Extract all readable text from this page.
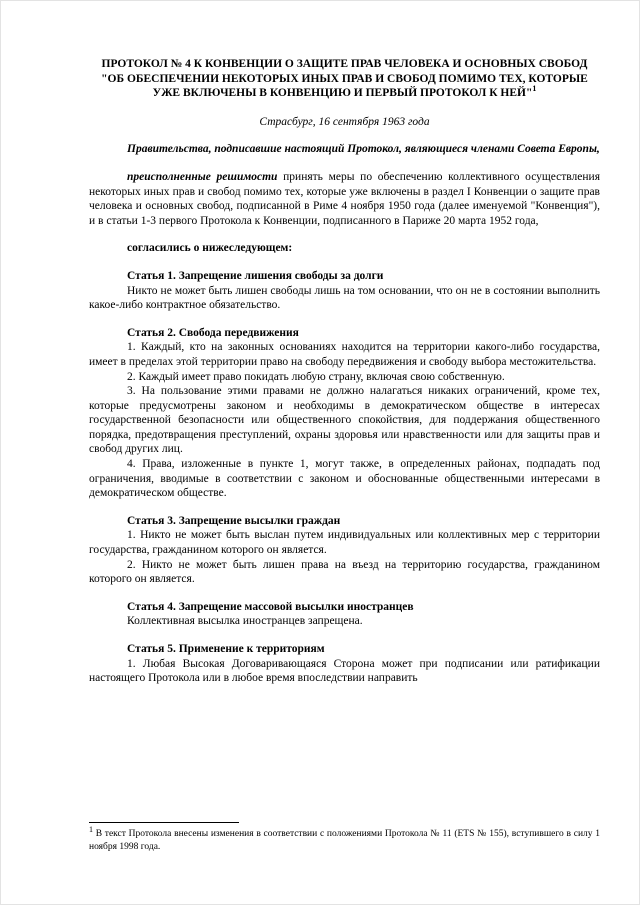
ПРОТОКОЛ № 4 К КОНВЕНЦИИ О ЗАЩИТЕ ПРАВ ЧЕЛОВЕКА И ОСНОВНЫХ СВОБОД
"ОБ ОБЕСПЕЧЕНИИ НЕКОТОРЫХ ИНЫХ ПРАВ И СВОБОД ПОМИМО ТЕХ, КОТОРЫЕ УЖЕ ВКЛЮЧЕНЫ В КОНВЕНЦИЮ И ПЕРВЫЙ ПРОТОКОЛ К НЕЙ"$^1$
Страсбург, 16 сентября 1963 года

Правительства, подписавшие настоящий Протокол, являющиеся членами Совета Европы,

преисполненные решимости принять меры по обеспечению коллективного осуществления некоторых иных прав и свобод помимо тех, которые уже включены в раздел I Конвенции о защите прав человека и основных свобод, подписанной в Риме 4 ноября 1950 года (далее именуемой "Конвенция"), и в статьи 1-3 первого Протокола к Конвенции, подписанного в Париже 20 марта 1952 года,

согласились о нижеследующем:

Статья 1. Запрещение лишения свободы за долги

Никто не может быть лишен свободы лишь на том основании, что он не в состоянии выполнить какое-либо контрактное обязательство.

Статья 2. Свобода передвижения

1. Каждый, кто на законных основаниях находится на территории какого-либо государства, имеет в пределах этой территории право на свободу передвижения и свободу выбора местожительства.

2. Каждый имеет право покидать любую страну, включая свою собственную.

3. На пользование этими правами не должно налагаться никаких ограничений, кроме тех, которые предусмотрены законом и необходимы в демократическом обществе в интересах государственной безопасности или общественного спокойствия, для поддержания общественного порядка, предотвращения преступлений, охраны здоровья или нравственности или для защиты прав и свобод других лиц.

4. Права, изложенные в пункте 1, могут также, в определенных районах, подпадать под ограничения, вводимые в соответствии с законом и обоснованные общественными интересами в демократическом обществе.

Статья 3. Запрещение высылки граждан

1. Никто не может быть выслан путем индивидуальных или коллективных мер с территории государства, гражданином которого он является.

2. Никто не может быть лишен права на въезд на территорию государства, гражданином которого он является.

Статья 4. Запрещение массовой высылки иностранцев

Коллективная высылка иностранцев запрещена.

Статья 5. Применение к территориям

1. Любая Высокая Договаривающаяся Сторона может при подписании или ратификации настоящего Протокола или в любое время впоследствии направить

$^1$ В текст Протокола внесены изменения в соответствии с положениями Протокола № 11 (ETS № 155), вступившего в силу 1 ноября 1998 года.
